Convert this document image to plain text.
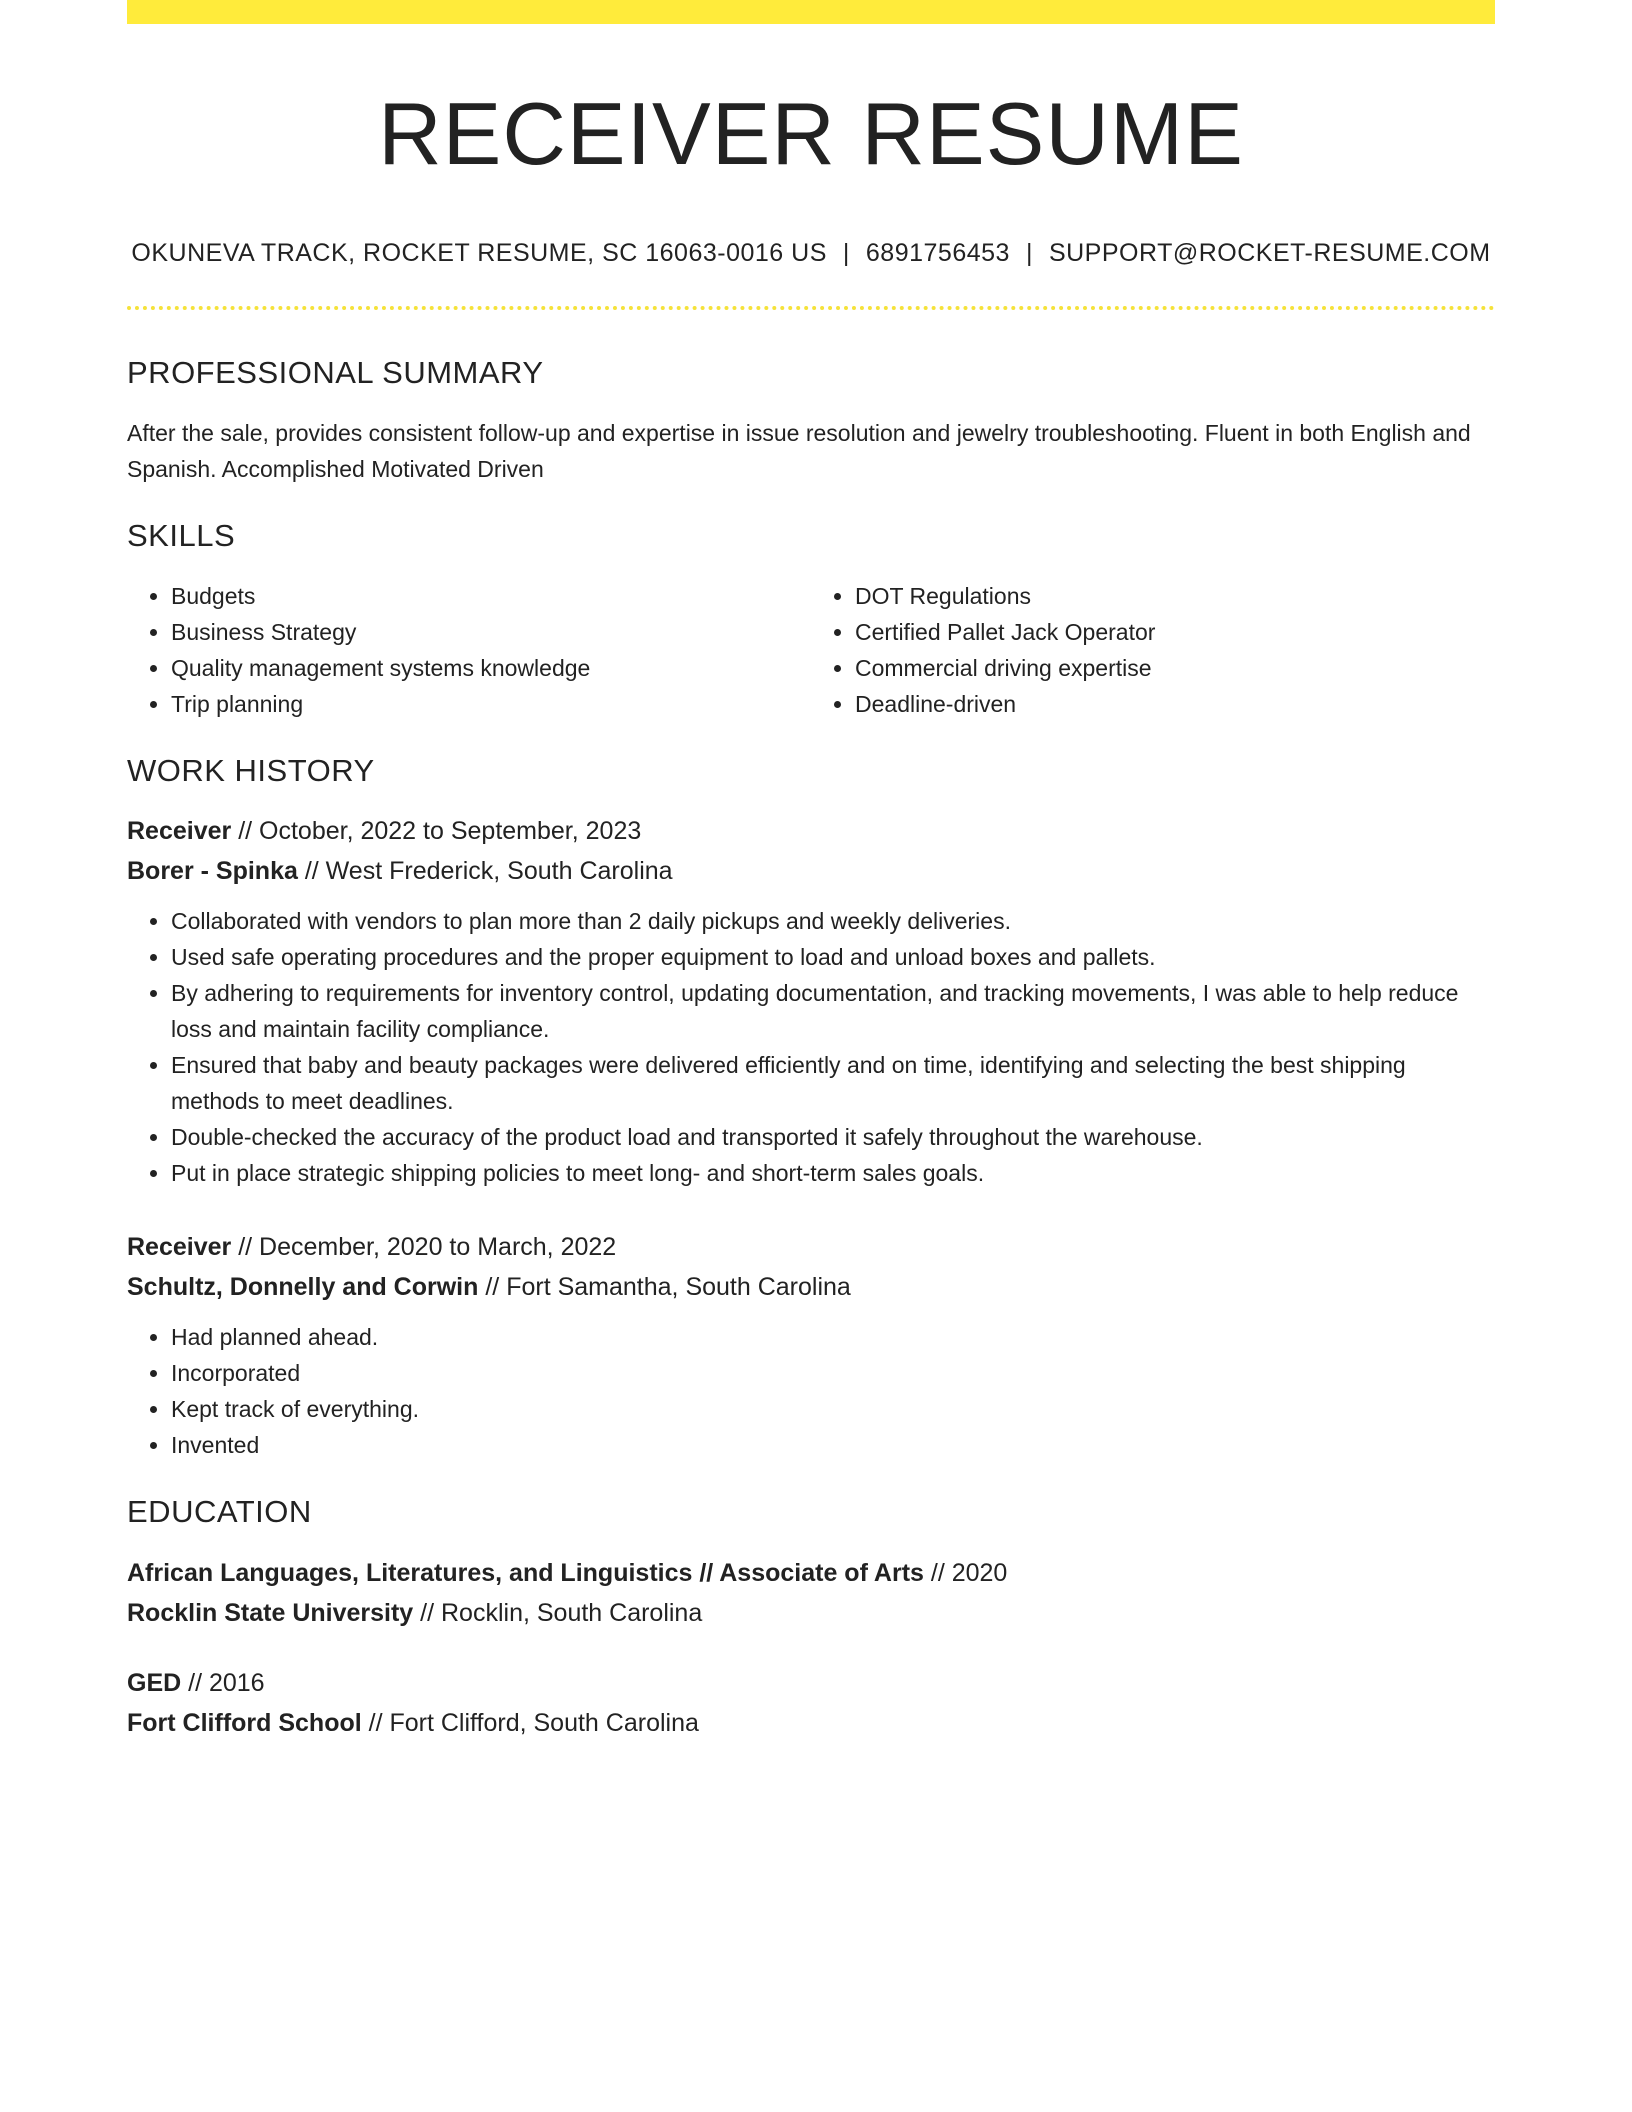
RECEIVER RESUME
OKUNEVA TRACK, ROCKET RESUME, SC 16063-0016 US | 6891756453 | SUPPORT@ROCKET-RESUME.COM
PROFESSIONAL SUMMARY

After the sale, provides consistent follow-up and expertise in issue resolution and jewelry troubleshooting. Fluent in both English and Spanish. Accomplished Motivated Driven

SKILLS
• Budgets
• Business Strategy
• Quality management systems knowledge
• Trip planning
• DOT Regulations
• Certified Pallet Jack Operator
• Commercial driving expertise
• Deadline-driven
WORK HISTORY
Receiver // October, 2022 to September, 2023
Borer - Spinka // West Frederick, South Carolina
• Collaborated with vendors to plan more than 2 daily pickups and weekly deliveries.
• Used safe operating procedures and the proper equipment to load and unload boxes and pallets.
• By adhering to requirements for inventory control, updating documentation, and tracking movements, I was able to help reduce loss and maintain facility compliance.
• Ensured that baby and beauty packages were delivered efficiently and on time, identifying and selecting the best shipping methods to meet deadlines.
• Double-checked the accuracy of the product load and transported it safely throughout the warehouse.
• Put in place strategic shipping policies to meet long- and short-term sales goals.
Receiver // December, 2020 to March, 2022
Schultz, Donnelly and Corwin // Fort Samantha, South Carolina
• Had planned ahead.
• Incorporated
• Kept track of everything.
• Invented
EDUCATION
African Languages, Literatures, and Linguistics // Associate of Arts // 2020
Rocklin State University // Rocklin, South Carolina
GED // 2016
Fort Clifford School // Fort Clifford, South Carolina
